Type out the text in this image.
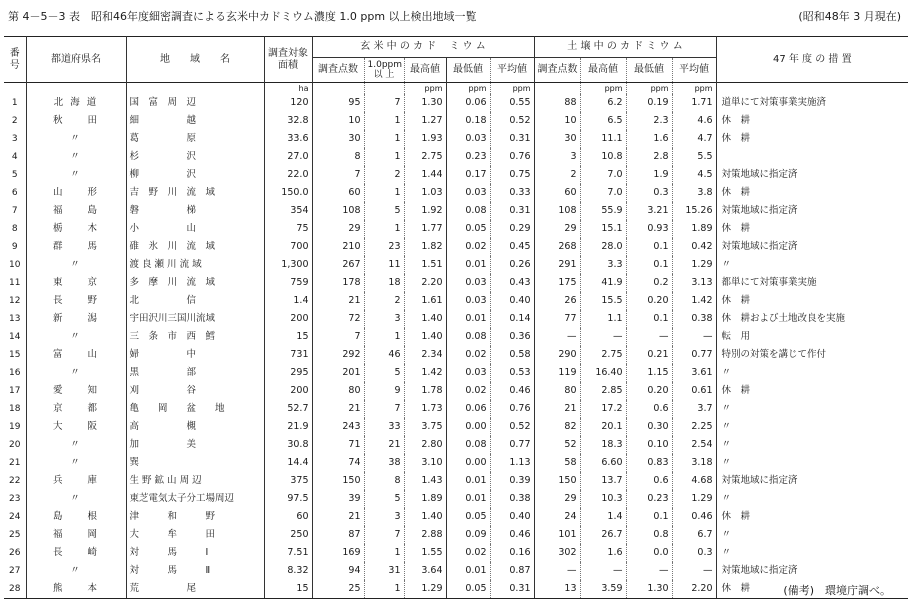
第 4－5－3 表　昭和46年度細密調査による玄米中カドミウム濃度 1.0 ppm 以上検出地域一覧	(昭和48年 3 月現在)
番号	都道府県名	地　　域　　名	調査対象面積	玄 米 中 の カ ド　 ミ ウ ム					土 壌 中 の カ ド ミ ウ ム				47 年 度 の 措 置
				調査点数	1.0ppm以 上	最高値	最低値	平均値	調査点数	最高値	最低値	平均値	
			ha			ppm	ppm	ppm		ppm	ppm	ppm	
1	北 海 道	国　富　周　辺	120	95	7	1.30	0.06	0.55	88	6.2	0.19	1.71	道単にて対策事業実施済
2	秋　　田	細　　　　　越	32.8	10	1	1.27	0.18	0.52	10	6.5	2.3	4.6	休　耕
3	〃	葛　　　　　原	33.6	30	1	1.93	0.03	0.31	30	11.1	1.6	4.7	休　耕
4	〃	杉　　　　　沢	27.0	8	1	2.75	0.23	0.76	3	10.8	2.8	5.5	
5	〃	柳　　　　　沢	22.0	7	2	1.44	0.17	0.75	2	7.0	1.9	4.5	対策地域に指定済
6	山　　形	吉　野　川　流　域	150.0	60	1	1.03	0.03	0.33	60	7.0	0.3	3.8	休　耕
7	福　　島	磐　　　　　梯	354	108	5	1.92	0.08	0.31	108	55.9	3.21	15.26	対策地域に指定済
8	栃　　木	小　　　　　山	75	29	1	1.77	0.05	0.29	29	15.1	0.93	1.89	休　耕
9	群　　馬	碓　氷　川　流　域	700	210	23	1.82	0.02	0.45	268	28.0	0.1	0.42	対策地域に指定済
10	〃	渡 良 瀬 川 流 域	1,300	267	11	1.51	0.01	0.26	291	3.3	0.1	1.29	〃
11	東　　京	多　摩　川　流　域	759	178	18	2.20	0.03	0.43	175	41.9	0.2	3.13	都単にて対策事業実施
12	長　　野	北　　　　　信	1.4	21	2	1.61	0.03	0.40	26	15.5	0.20	1.42	休　耕
13	新　　潟	宇田沢川三国川流域	200	72	3	1.40	0.01	0.14	77	1.1	0.1	0.38	休　耕および土地改良を実施
14	〃	三　条　市　西　鱈	15	7	1	1.40	0.08	0.36	—	—	—	—	転　用
15	富　　山	婦　　　　　中	731	292	46	2.34	0.02	0.58	290	2.75	0.21	0.77	特別の対策を講じて作付
16	〃	黒　　　　　部	295	201	5	1.42	0.03	0.53	119	16.40	1.15	3.61	〃
17	愛　　知	刈　　　　　谷	200	80	9	1.78	0.02	0.46	80	2.85	0.20	0.61	休　耕
18	京　　都	亀　　岡　　盆　　地	52.7	21	7	1.73	0.06	0.76	21	17.2	0.6	3.7	〃
19	大　　阪	高　　　　　槻	21.9	243	33	3.75	0.00	0.52	82	20.1	0.30	2.25	〃
20	〃	加　　　　　美	30.8	71	21	2.80	0.08	0.77	52	18.3	0.10	2.54	〃
21	〃	巽	14.4	74	38	3.10	0.00	1.13	58	6.60	0.83	3.18	〃
22	兵　　庫	生 野 鉱 山 周 辺	375	150	8	1.43	0.01	0.39	150	13.7	0.6	4.68	対策地域に指定済
23	〃	東芝電気太子分工場周辺	97.5	39	5	1.89	0.01	0.38	29	10.3	0.23	1.29	〃
24	島　　根	津　　　和　　　野	60	21	3	1.40	0.05	0.40	24	1.4	0.1	0.46	休　耕
25	福　　岡	大　　　牟　　　田	250	87	7	2.88	0.09	0.46	101	26.7	0.8	6.7	〃
26	長　　崎	対　　　馬　　　Ⅰ	7.51	169	1	1.55	0.02	0.16	302	1.6	0.0	0.3	〃
27	〃	対　　　馬　　　Ⅱ	8.32	94	31	3.64	0.01	0.87	—	—	—	—	対策地域に指定済
28	熊　　本	荒　　　　　尾	15	25	1	1.29	0.05	0.31	13	3.59	1.30	2.20	休　耕	(備考)　環境庁調べ。
